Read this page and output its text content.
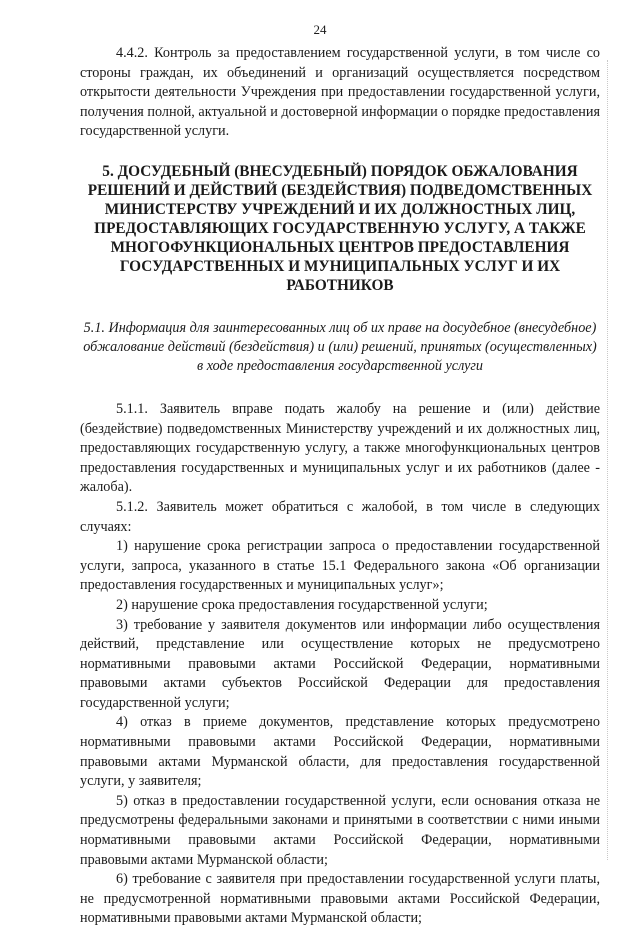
24

4.4.2. Контроль за предоставлением государственной услуги, в том числе со стороны граждан, их объединений и организаций осуществляется посредством открытости деятельности Учреждения при предоставлении государственной услуги, получения полной, актуальной и достоверной информации о порядке предоставления государственной услуги.

5. ДОСУДЕБНЫЙ (ВНЕСУДЕБНЫЙ) ПОРЯДОК ОБЖАЛОВАНИЯ РЕШЕНИЙ И ДЕЙСТВИЙ (БЕЗДЕЙСТВИЯ) ПОДВЕДОМСТВЕННЫХ МИНИСТЕРСТВУ УЧРЕЖДЕНИЙ И ИХ ДОЛЖНОСТНЫХ ЛИЦ, ПРЕДОСТАВЛЯЮЩИХ ГОСУДАРСТВЕННУЮ УСЛУГУ, А ТАКЖЕ МНОГОФУНКЦИОНАЛЬНЫХ ЦЕНТРОВ ПРЕДОСТАВЛЕНИЯ ГОСУДАРСТВЕННЫХ И МУНИЦИПАЛЬНЫХ УСЛУГ И ИХ РАБОТНИКОВ
5.1. Информация для заинтересованных лиц об их праве на досудебное (внесудебное) обжалование действий (бездействия) и (или) решений, принятых (осуществленных) в ходе предоставления государственной услуги

5.1.1. Заявитель вправе подать жалобу на решение и (или) действие (бездействие) подведомственных Министерству учреждений и их должностных лиц, предоставляющих государственную услугу, а также многофункциональных центров предоставления государственных и муниципальных услуг и их работников (далее - жалоба).

5.1.2. Заявитель может обратиться с жалобой, в том числе в следующих случаях:

1) нарушение срока регистрации запроса о предоставлении государственной услуги, запроса, указанного в статье 15.1 Федерального закона «Об организации предоставления государственных и муниципальных услуг»;

2) нарушение срока предоставления государственной услуги;

3) требование у заявителя документов или информации либо осуществления действий, представление или осуществление которых не предусмотрено нормативными правовыми актами Российской Федерации, нормативными правовыми актами субъектов Российской Федерации для предоставления государственной услуги;

4) отказ в приеме документов, представление которых предусмотрено нормативными правовыми актами Российской Федерации, нормативными правовыми актами Мурманской области, для предоставления государственной услуги, у заявителя;

5) отказ в предоставлении государственной услуги, если основания отказа не предусмотрены федеральными законами и принятыми в соответствии с ними иными нормативными правовыми актами Российской Федерации, нормативными правовыми актами Мурманской области;

6) требование с заявителя при предоставлении государственной услуги платы, не предусмотренной нормативными правовыми актами Российской Федерации, нормативными правовыми актами Мурманской области;
